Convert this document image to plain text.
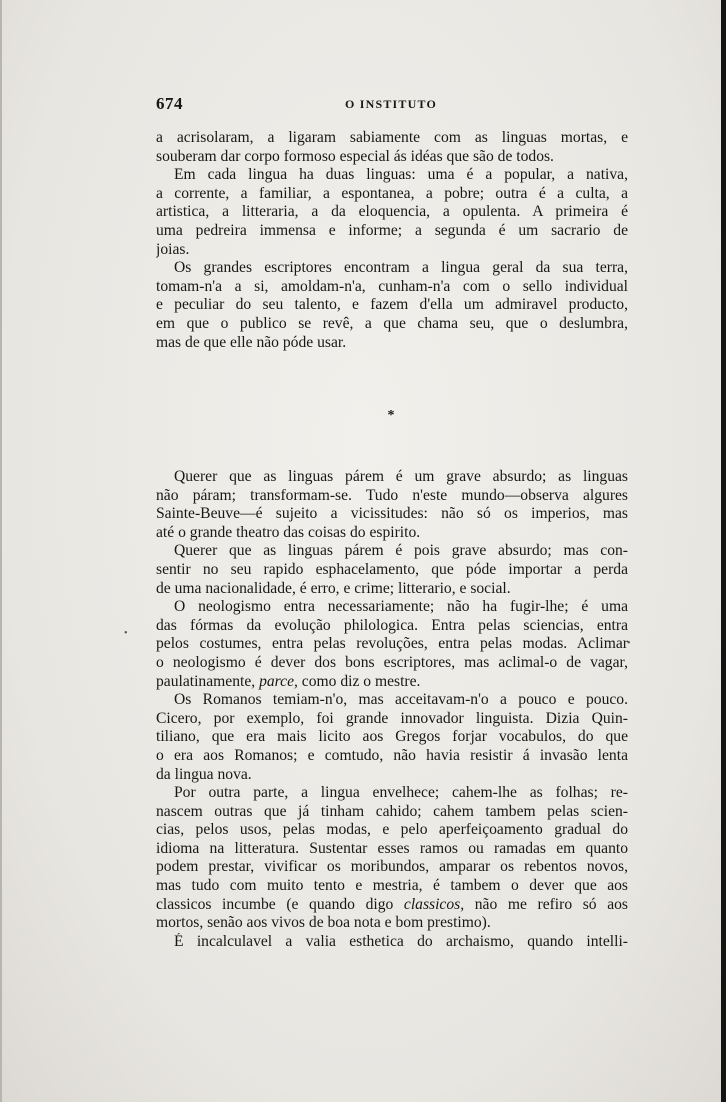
674	O INSTITUTO
a acrisolaram, a ligaram sabiamente com as linguas mortas, e
souberam dar corpo formoso especial ás idéas que são de todos.
Em cada lingua ha duas linguas: uma é a popular, a nativa,
a corrente, a familiar, a espontanea, a pobre; outra é a culta, a
artistica, a litteraria, a da eloquencia, a opulenta. A primeira é
uma pedreira immensa e informe; a segunda é um sacrario de
joias.
Os grandes escriptores encontram a lingua geral da sua terra,
tomam-n'a a si, amoldam-n'a, cunham-n'a com o sello individual
e peculiar do seu talento, e fazem d'ella um admiravel producto,
em que o publico se revê, a que chama seu, que o deslumbra,
mas de que elle não póde usar.
*
Querer que as linguas párem é um grave absurdo; as linguas
não páram; transformam-se. Tudo n'este mundo—observa algures
Sainte-Beuve—é sujeito a vicissitudes: não só os imperios, mas
até o grande theatro das coisas do espirito.
Querer que as linguas párem é pois grave absurdo; mas con-
sentir no seu rapido esphacelamento, que póde importar a perda
de uma nacionalidade, é erro, e crime; litterario, e social.
O neologismo entra necessariamente; não ha fugir-lhe; é uma
das fórmas da evolução philologica. Entra pelas sciencias, entra
pelos costumes, entra pelas revoluções, entra pelas modas. Aclimar
o neologismo é dever dos bons escriptores, mas aclimal-o de vagar,
paulatinamente, parce, como diz o mestre.
Os Romanos temiam-n'o, mas acceitavam-n'o a pouco e pouco.
Cicero, por exemplo, foi grande innovador linguista. Dizia Quin-
tiliano, que era mais licito aos Gregos forjar vocabulos, do que
o era aos Romanos; e comtudo, não havia resistir á invasão lenta
da lingua nova.
Por outra parte, a lingua envelhece; cahem-lhe as folhas; re-
nascem outras que já tinham cahido; cahem tambem pelas scien-
cias, pelos usos, pelas modas, e pelo aperfeiçoamento gradual do
idioma na litteratura. Sustentar esses ramos ou ramadas em quanto
podem prestar, vivificar os moribundos, amparar os rebentos novos,
mas tudo com muito tento e mestria, é tambem o dever que aos
classicos incumbe (e quando digo classicos, não me refiro só aos
mortos, senão aos vivos de boa nota e bom prestimo).
É incalculavel a valia esthetica do archaismo, quando intelli-
•
•
